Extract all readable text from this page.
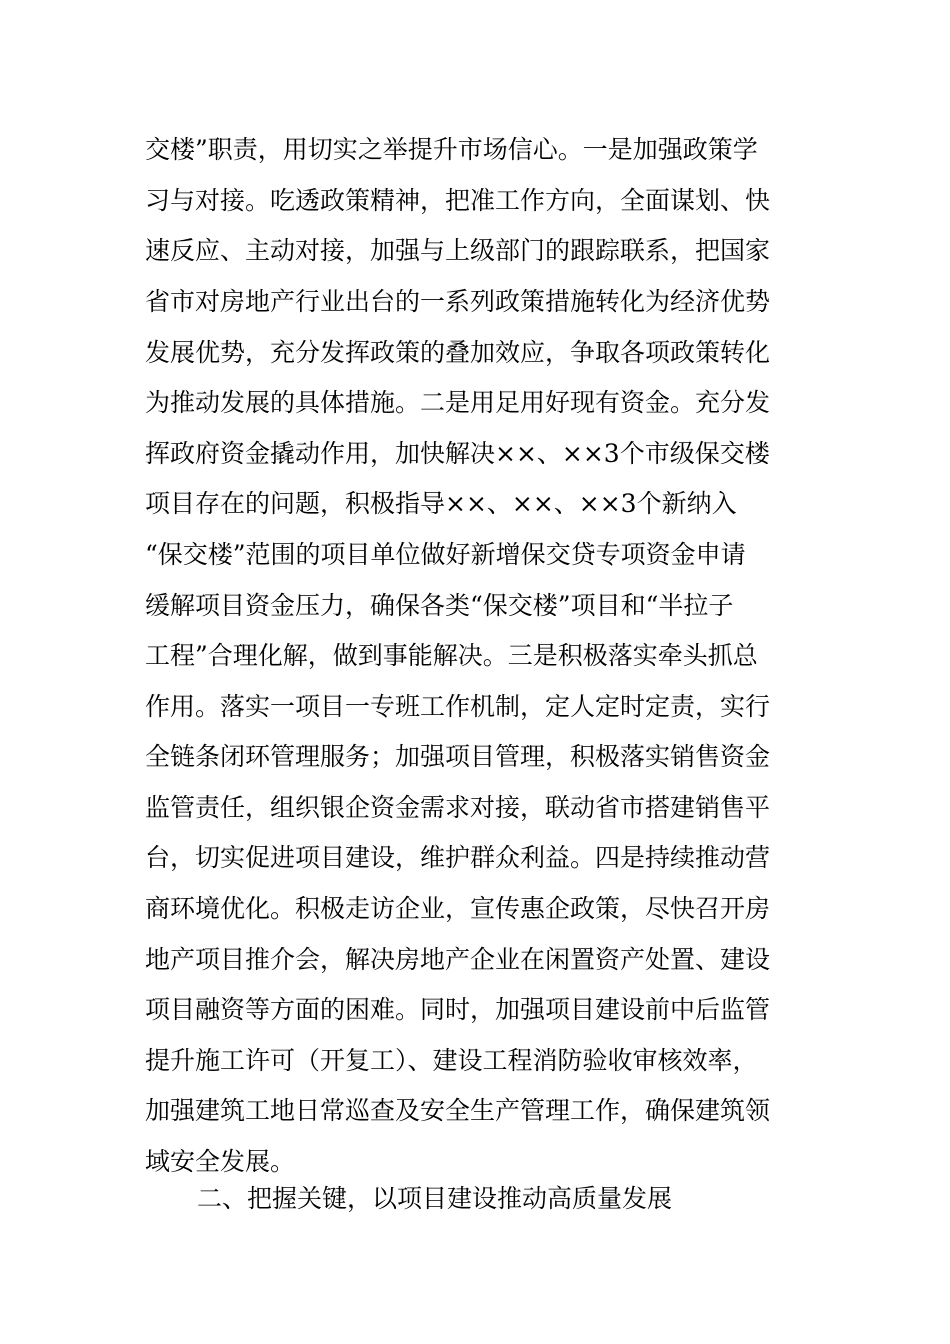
交楼”职责，用切实之举提升市场信心。一是加强政策学
习与对接。吃透政策精神，把准工作方向，全面谋划、快
速反应、主动对接，加强与上级部门的跟踪联系，把国家
省市对房地产行业出台的一系列政策措施转化为经济优势
发展优势，充分发挥政策的叠加效应，争取各项政策转化
为推动发展的具体措施。二是用足用好现有资金。充分发
挥政府资金撬动作用，加快解决××、××3个市级保交楼
项目存在的问题，积极指导××、××、××3个新纳入
“保交楼”范围的项目单位做好新增保交贷专项资金申请
缓解项目资金压力，确保各类“保交楼”项目和“半拉子
工程”合理化解，做到事能解决。三是积极落实牵头抓总
作用。落实一项目一专班工作机制，定人定时定责，实行
全链条闭环管理服务；加强项目管理，积极落实销售资金
监管责任，组织银企资金需求对接，联动省市搭建销售平
台，切实促进项目建设，维护群众利益。四是持续推动营
商环境优化。积极走访企业，宣传惠企政策，尽快召开房
地产项目推介会，解决房地产企业在闲置资产处置、建设
项目融资等方面的困难。同时，加强项目建设前中后监管
提升施工许可（开复工）、建设工程消防验收审核效率，
加强建筑工地日常巡查及安全生产管理工作，确保建筑领
域安全发展。
二、把握关键，以项目建设推动高质量发展
